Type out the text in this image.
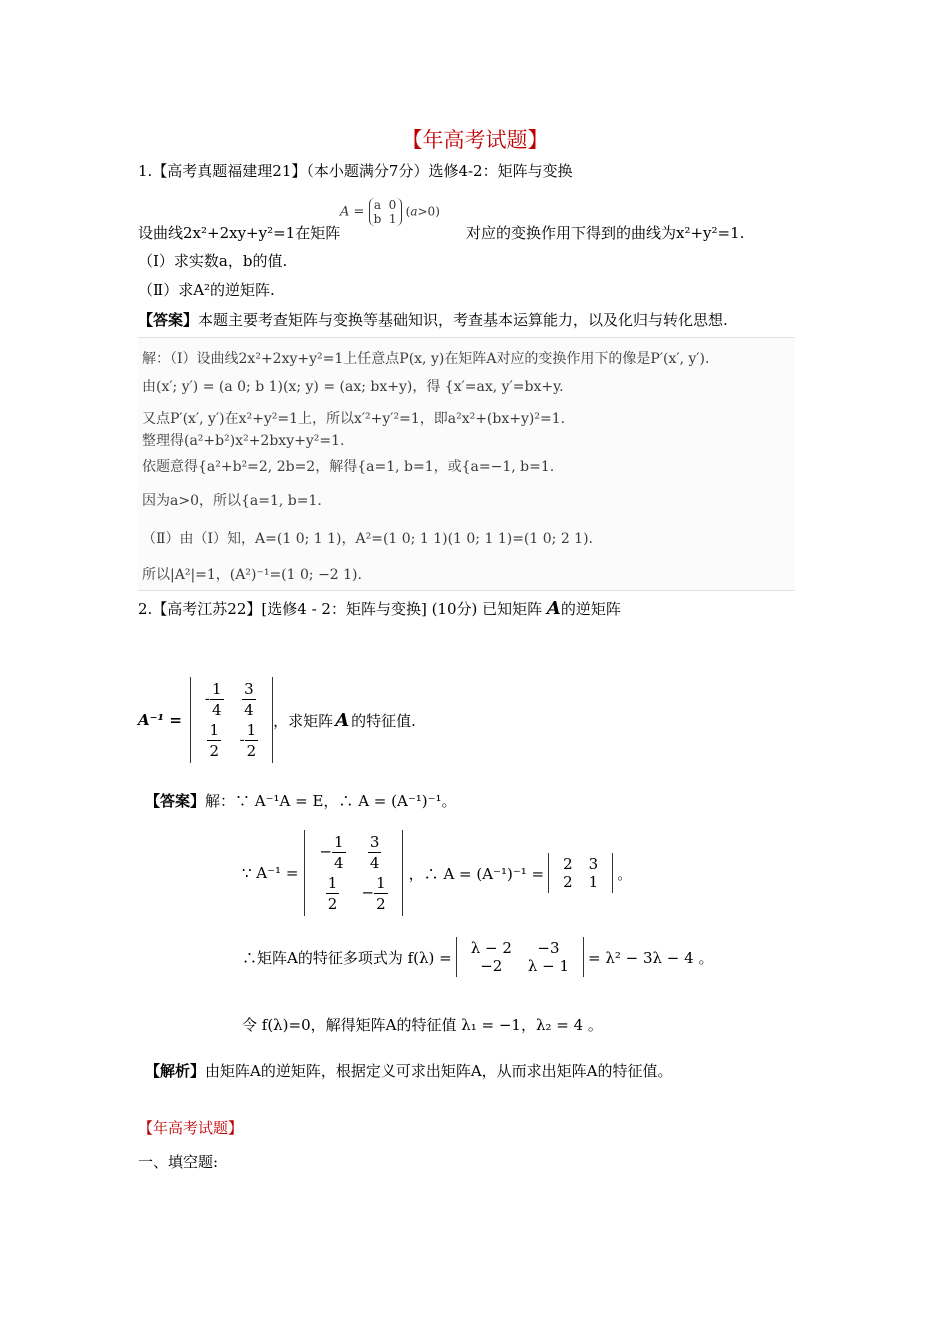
【年高考试题】
1.【高考真题福建理21】（本小题满分7分）选修4-2：矩阵与变换
设曲线2x²+2xy+y²=1在矩阵
A = a  0
b  1 (a>0)
对应的变换作用下得到的曲线为x²+y²=1.
（Ⅰ）求实数a，b的值.
（Ⅱ）求A²的逆矩阵.
【答案】本题主要考查矩阵与变换等基础知识，考查基本运算能力，以及化归与转化思想.
解：（Ⅰ）设曲线2x²+2xy+y²=1上任意点P(x, y)在矩阵A对应的变换作用下的像是P′(x′, y′).
由(x′; y′) = (a 0; b 1)(x; y) = (ax; bx+y)，得 {x′=ax, y′=bx+y.
又点P′(x′, y′)在x²+y²=1上，所以x′²+y′²=1，即a²x²+(bx+y)²=1.
整理得(a²+b²)x²+2bxy+y²=1.
依题意得{a²+b²=2, 2b=2，解得{a=1, b=1，或{a=−1, b=1.
因为a>0，所以{a=1, b=1.
（Ⅱ）由（Ⅰ）知，A=(1 0; 1 1)，A²=(1 0; 1 1)(1 0; 1 1)=(1 0; 2 1).
所以|A²|=1，(A²)⁻¹=(1 0; −2 1).
2.【高考江苏22】[选修4 - 2：矩阵与变换] (10分) 已知矩阵 A的逆矩阵
A⁻¹ =
- $\frac{1}{4}$	$\frac{3}{4}$

$\frac{1}{2}$	- $\frac{1}{2}$ ，求矩阵 A 的特征值.
【答案】解：∵ A⁻¹A = E，∴ A = (A⁻¹)⁻¹。
∵ A⁻¹ =
− $\frac{1}{4}$	$\frac{3}{4}$

$\frac{1}{2}$	− $\frac{1}{2}$ ，∴ A = (A⁻¹)⁻¹ =
2	3
2	1 。
∴矩阵A的特征多项式为 f(λ) =
λ − 2	−3
−2	λ − 1 = λ² − 3λ − 4 。
令 f(λ)=0，解得矩阵A的特征值 λ₁ = −1，λ₂ = 4 。
【解析】由矩阵A的逆矩阵，根据定义可求出矩阵A，从而求出矩阵A的特征值。
【年高考试题】
一、填空题:
